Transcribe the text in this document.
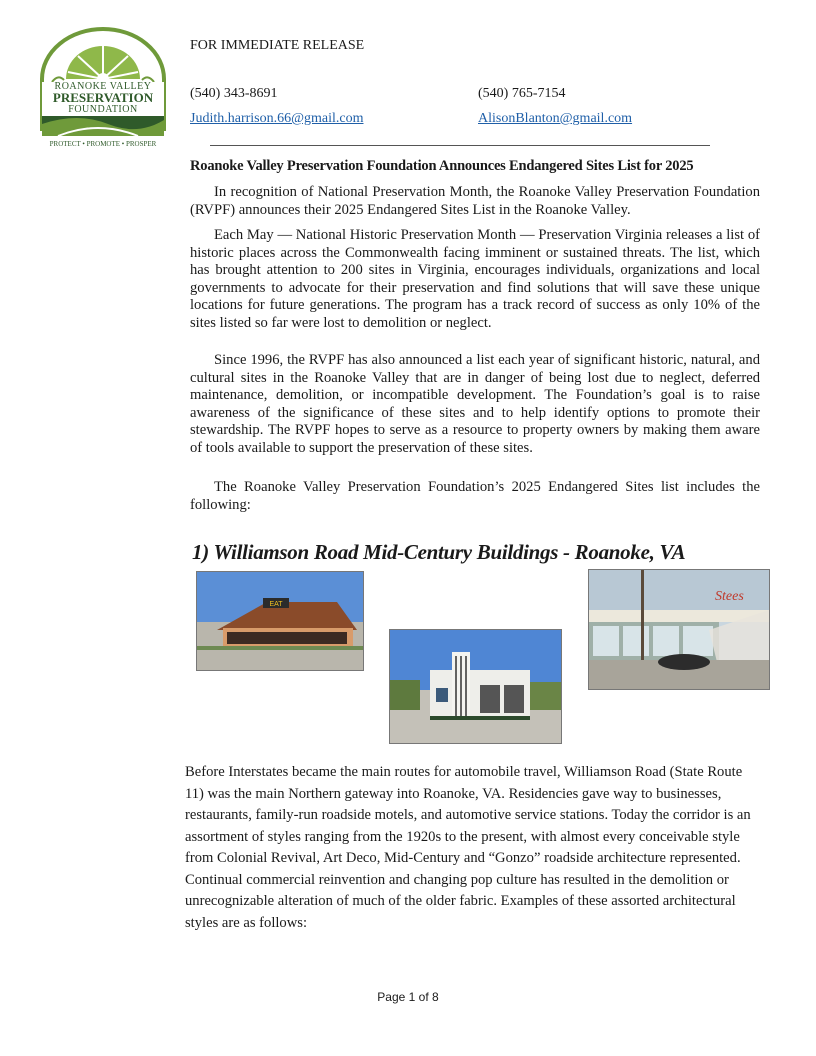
ROANOKE VALLEY
PRESERVATION
FOUNDATION
PROTECT • PROMOTE • PROSPER
FOR IMMEDIATE RELEASE
(540) 343-8691	(540) 765-7154
Judith.harrison.66@gmail.com	AlisonBlanton@gmail.com
Roanoke Valley Preservation Foundation Announces Endangered Sites List for 2025

In recognition of National Preservation Month, the Roanoke Valley Preservation Foundation (RVPF) announces their 2025 Endangered Sites List in the Roanoke Valley.

Each May — National Historic Preservation Month — Preservation Virginia releases a list of historic places across the Commonwealth facing imminent or sustained threats. The list, which has brought attention to 200 sites in Virginia, encourages individuals, organizations and local governments to advocate for their preservation and find solutions that will save these unique locations for future generations. The program has a track record of success as only 10% of the sites listed so far were lost to demolition or neglect.

Since 1996, the RVPF has also announced a list each year of significant historic, natural, and cultural sites in the Roanoke Valley that are in danger of being lost due to neglect, deferred maintenance, demolition, or incompatible development. The Foundation’s goal is to raise awareness of the significance of these sites and to help identify options to promote their stewardship. The RVPF hopes to serve as a resource to property owners by making them aware of tools available to support the preservation of these sites.

The Roanoke Valley Preservation Foundation’s 2025 Endangered Sites list includes the following:

1) Williamson Road Mid-Century Buildings - Roanoke, VA
EAT
Stees

Before Interstates became the main routes for automobile travel, Williamson Road (State Route 11) was the main Northern gateway into Roanoke, VA. Residencies gave way to businesses, restaurants, family-run roadside motels, and automotive service stations. Today the corridor is an assortment of styles ranging from the 1920s to the present, with almost every conceivable style from Colonial Revival, Art Deco, Mid-Century and “Gonzo” roadside architecture represented. Continual commercial reinvention and changing pop culture has resulted in the demolition or unrecognizable alteration of much of the older fabric. Examples of these assorted architectural styles are as follows:

Page 1 of 8
